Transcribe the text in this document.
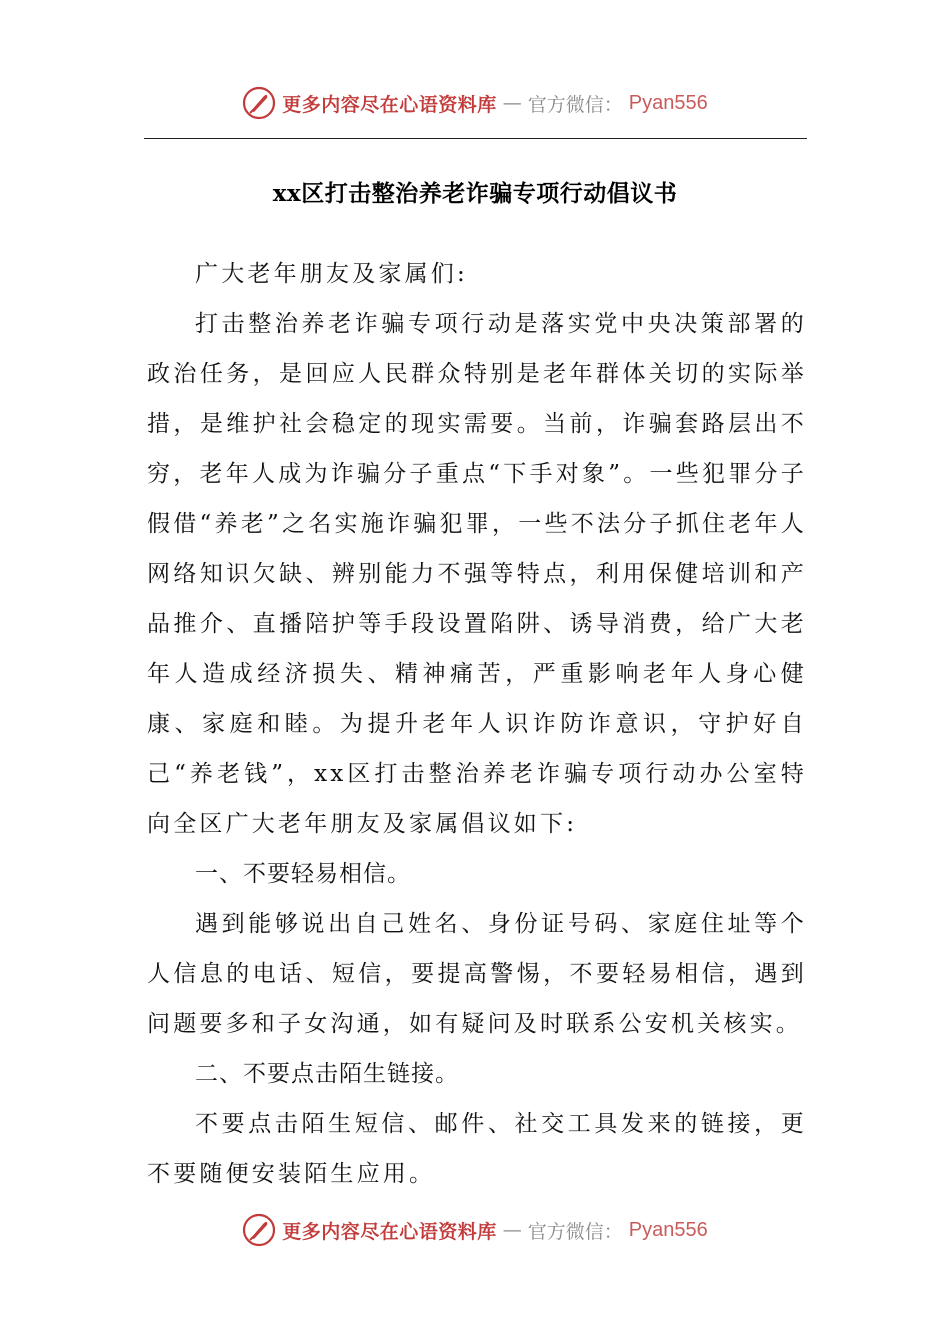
更多内容尽在心语资料库 — 官方微信： Pyan556
xx区打击整治养老诈骗专项行动倡议书

广大老年朋友及家属们:

打击整治养老诈骗专项行动是落实党中央决策部署的政治任务，是回应人民群众特别是老年群体关切的实际举措，是维护社会稳定的现实需要。当前，诈骗套路层出不穷，老年人成为诈骗分子重点“下手对象”。一些犯罪分子假借“养老”之名实施诈骗犯罪，一些不法分子抓住老年人网络知识欠缺、辨别能力不强等特点，利用保健培训和产品推介、直播陪护等手段设置陷阱、诱导消费，给广大老年人造成经济损失、精神痛苦，严重影响老年人身心健康、家庭和睦。为提升老年人识诈防诈意识，守护好自己“养老钱”，xx区打击整治养老诈骗专项行动办公室特向全区广大老年朋友及家属倡议如下:

一、不要轻易相信。

遇到能够说出自己姓名、身份证号码、家庭住址等个人信息的电话、短信，要提高警惕，不要轻易相信，遇到问题要多和子女沟通，如有疑问及时联系公安机关核实。

二、不要点击陌生链接。

不要点击陌生短信、邮件、社交工具发来的链接，更不要随便安装陌生应用。

更多内容尽在心语资料库 — 官方微信： Pyan556
